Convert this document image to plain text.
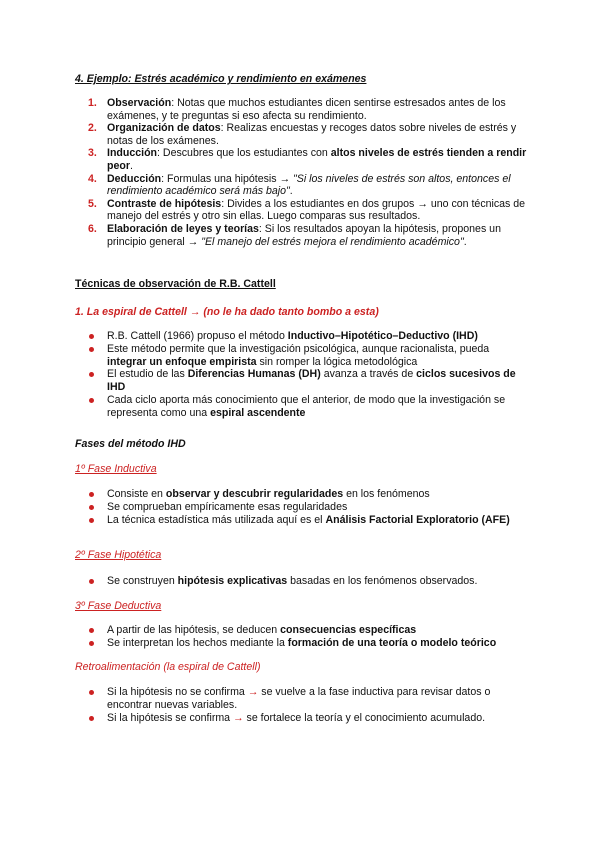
4. Ejemplo: Estrés académico y rendimiento en exámenes
1. Observación: Notas que muchos estudiantes dicen sentirse estresados antes de los exámenes, y te preguntas si eso afecta su rendimiento.
2. Organización de datos: Realizas encuestas y recoges datos sobre niveles de estrés y notas de los exámenes.
3. Inducción: Descubres que los estudiantes con altos niveles de estrés tienden a rendir peor.
4. Deducción: Formulas una hipótesis → "Si los niveles de estrés son altos, entonces el rendimiento académico será más bajo".
5. Contraste de hipótesis: Divides a los estudiantes en dos grupos → uno con técnicas de manejo del estrés y otro sin ellas. Luego comparas sus resultados.
6. Elaboración de leyes y teorías: Si los resultados apoyan la hipótesis, propones un principio general → "El manejo del estrés mejora el rendimiento académico".
Técnicas de observación de R.B. Cattell
1. La espiral de Cattell → (no le ha dado tanto bombo a esta)
R.B. Cattell (1966) propuso el método Inductivo–Hipotético–Deductivo (IHD)
Este método permite que la investigación psicológica, aunque racionalista, pueda integrar un enfoque empirista sin romper la lógica metodológica
El estudio de las Diferencias Humanas (DH) avanza a través de ciclos sucesivos de IHD
Cada ciclo aporta más conocimiento que el anterior, de modo que la investigación se representa como una espiral ascendente
Fases del método IHD
1º Fase Inductiva
Consiste en observar y descubrir regularidades en los fenómenos
Se comprueban empíricamente esas regularidades
La técnica estadística más utilizada aquí es el Análisis Factorial Exploratorio (AFE)
2º Fase Hipotética
Se construyen hipótesis explicativas basadas en los fenómenos observados.
3º Fase Deductiva
A partir de las hipótesis, se deducen consecuencias específicas
Se interpretan los hechos mediante la formación de una teoría o modelo teórico
Retroalimentación (la espiral de Cattell)
Si la hipótesis no se confirma → se vuelve a la fase inductiva para revisar datos o encontrar nuevas variables.
Si la hipótesis se confirma → se fortalece la teoría y el conocimiento acumulado.
